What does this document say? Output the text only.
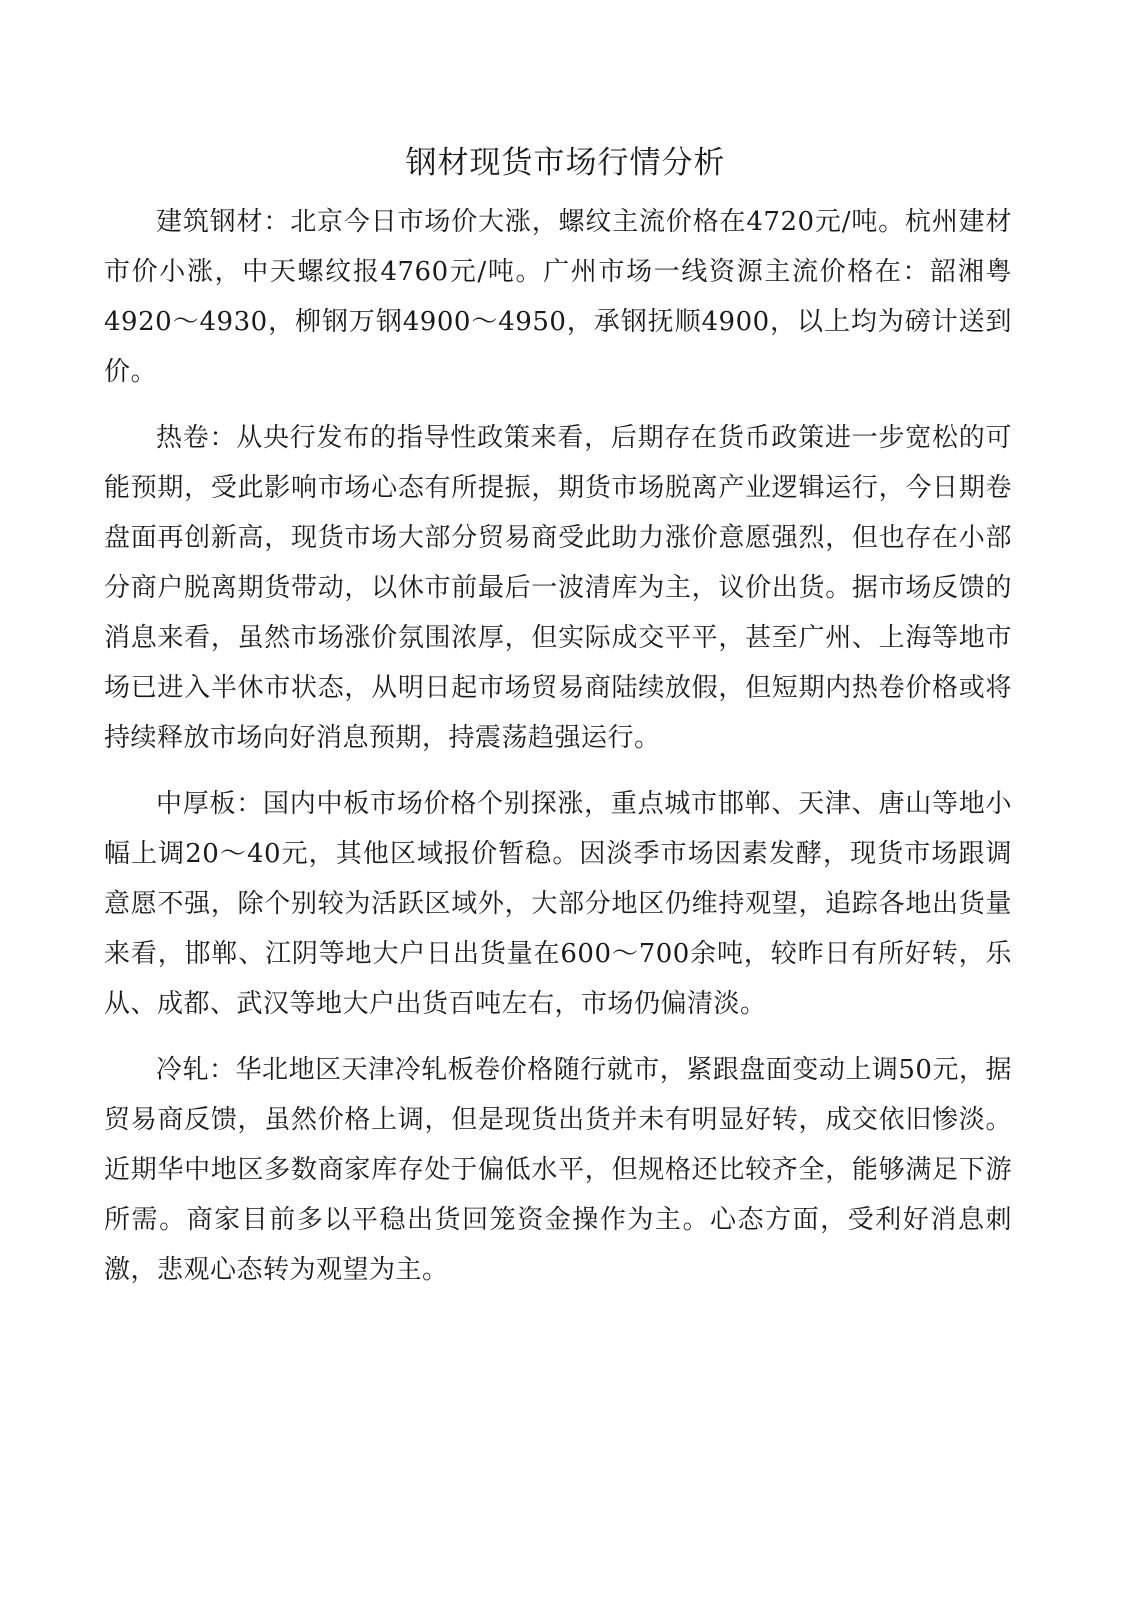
钢材现货市场行情分析

建筑钢材：北京今日市场价大涨，螺纹主流价格在4720元/吨。杭州建材市价小涨，中天螺纹报4760元/吨。广州市场一线资源主流价格在：韶湘粤4920～4930，柳钢万钢4900～4950，承钢抚顺4900，以上均为磅计送到价。

热卷：从央行发布的指导性政策来看，后期存在货币政策进一步宽松的可能预期，受此影响市场心态有所提振，期货市场脱离产业逻辑运行，今日期卷盘面再创新高，现货市场大部分贸易商受此助力涨价意愿强烈，但也存在小部分商户脱离期货带动，以休市前最后一波清库为主，议价出货。据市场反馈的消息来看，虽然市场涨价氛围浓厚，但实际成交平平，甚至广州、上海等地市场已进入半休市状态，从明日起市场贸易商陆续放假，但短期内热卷价格或将持续释放市场向好消息预期，持震荡趋强运行。

中厚板：国内中板市场价格个别探涨，重点城市邯郸、天津、唐山等地小幅上调20～40元，其他区域报价暂稳。因淡季市场因素发酵，现货市场跟调意愿不强，除个别较为活跃区域外，大部分地区仍维持观望，追踪各地出货量来看，邯郸、江阴等地大户日出货量在600～700余吨，较昨日有所好转，乐从、成都、武汉等地大户出货百吨左右，市场仍偏清淡。

冷轧：华北地区天津冷轧板卷价格随行就市，紧跟盘面变动上调50元，据贸易商反馈，虽然价格上调，但是现货出货并未有明显好转，成交依旧惨淡。近期华中地区多数商家库存处于偏低水平，但规格还比较齐全，能够满足下游所需。商家目前多以平稳出货回笼资金操作为主。心态方面，受利好消息刺激，悲观心态转为观望为主。
